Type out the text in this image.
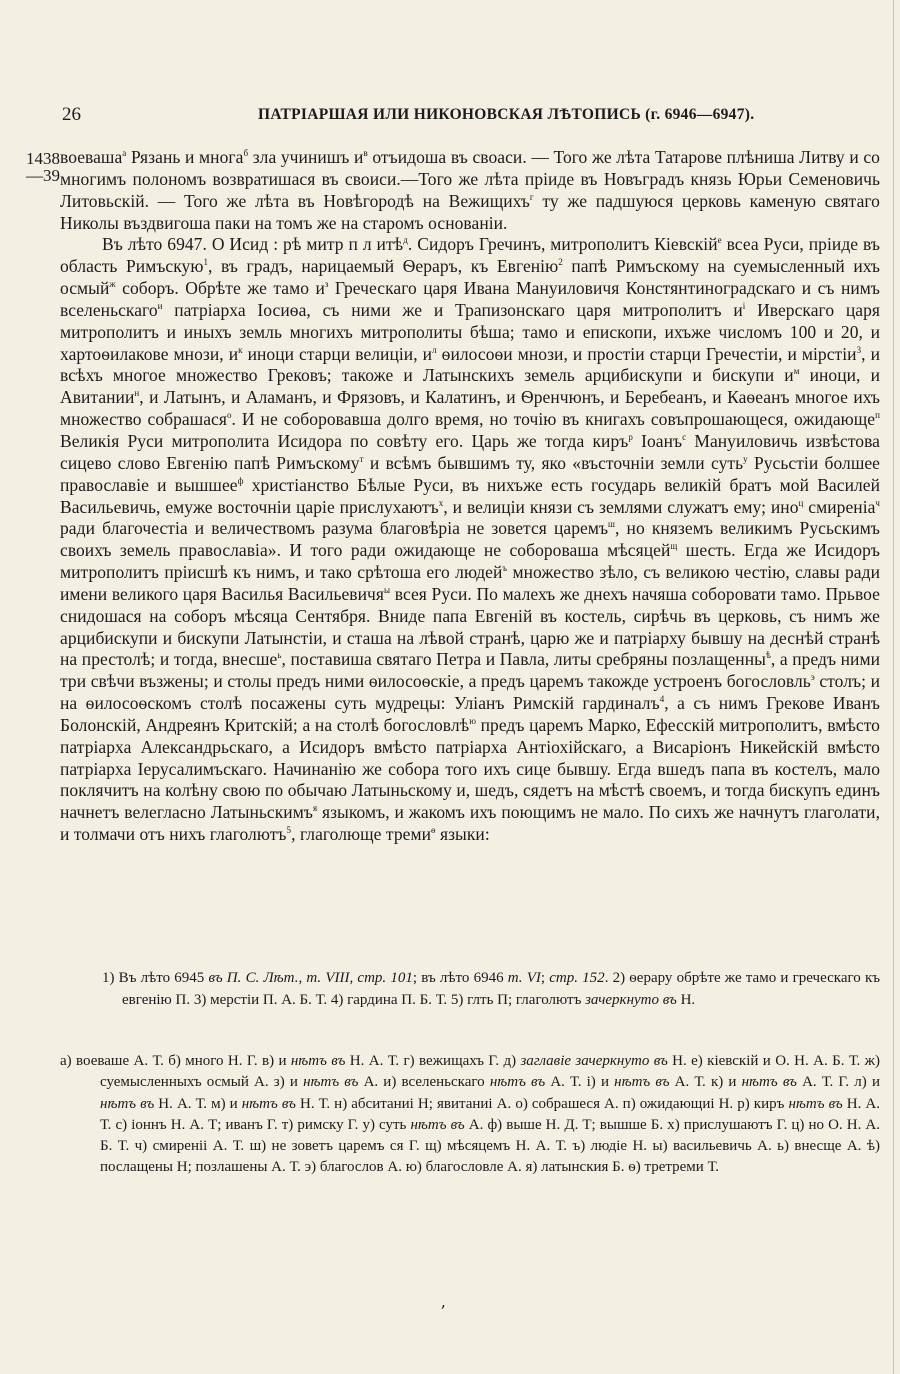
26	ПАТРІАРШАЯ ИЛИ НИКОНОВСКАЯ ЛѢТОПИСЬ (г. 6946—6947).
1438
—39

воеваша$^а$ Рязань и многа$^б$ зла учинишъ $и^в$ отъидоша въ своаси. — Того же лѣта Татарове плѣниша Литву и со многимъ полономъ возвратишася въ своиси.—Того же лѣта пріиде въ Новъградъ князь Юрьи Семеновичь Литовьскій. — Того же лѣта въ Новѣгородѣ на Вежищихъ$^г$ ту же падшуюся церковь каменую святаго Николы въздвигоша паки на томъ же на старомъ основаніи.

Въ лѣто 6947. О Исид : рѣ митр п л итѣ$^д$. Сидоръ Гречинъ, митрополитъ Кіевскій$^е$ всеа Руси, пріиде въ область Римъскую$^1$, въ градъ, нарицаемый Ѳераръ, къ Евгенію$^2$ папѣ Римъскому на суемысленный ихъ осмый$^ж$ соборъ. Обрѣте же тамо $и^з$ Греческаго царя Ивана Мануиловичя Констянтиноградскаго и съ нимъ вселеньскаго$^и$ патріарха Іосиѳа, съ ними же и Трапизонскаго царя митрополитъ $и^і$ Иверскаго царя митрополитъ и иныхъ земль многихъ митрополиты бѣша; тамо и епископи, ихъже числомъ 100 и 20, и хартоѳилакове мнози, $и^к$ иноци старци велицiи, $и^л$ ѳилосоѳи мнози, и простіи старци Гречестiи, и мірстіи$^3$, и всѣхъ многое множество Грековъ; такоже и Латынскихъ земель арцибискупи и бискупи $и^м$ иноци, и Авитании$^н$, и Латынъ, и Аламанъ, и Фрязовъ, и Калатинъ, и Ѳренчюнъ, и Беребеанъ, и Каѳеанъ многое ихъ множество собрашася$^о$. И не соборовавша долго время, но точію въ книгахъ совъпрошающеся, ожидающе$^п$ Великія Руси митрополита Исидора по совѣту его. Царь же тогда киръ$^р$ Іоанъ$^с$ Мануиловичь извѣстова сицево слово Евгенію папѣ Римъскому$^т$ и всѣмъ бывшимъ ту, яко «въсточніи земли суть$^у$ Русьстіи болшее православіе и вышшее$^ф$ христіанство Бѣлые Руси, въ нихъже есть государь великій братъ мой Василей Васильевичь, емуже восточніи царіе прислухаютъ$^х$, и велицiи князи съ землями служатъ ему; ино$^ц$ смиреніа$^ч$ ради благочестіа и величествомъ разума благовѣріа не зовется царемъ$^ш$, но княземъ великимъ Русьскимъ своихъ земель православіа». И того ради ожидающе не собороваша мѣсяцей$^щ$ шесть. Егда же Исидоръ митрополитъ прiисшѣ къ нимъ, и тако срѣтоша его людей$^ъ$ множество зѣло, съ великою честію, славы ради имени великого царя Василья Васильевичя$^ы$ всея Руси. По малехъ же днехъ начяша соборовати тамо. Прьвое снидошася на соборъ мѣсяца Сентября. Вниде папа Евгеній въ костель, сирѣчь въ церковь, съ нимъ же арцибискупи и бискупи Латынстіи, и сташа на лѣвой странѣ, царю же и патріарху бывшу на деснѣй странѣ на престолѣ; и тогда, внесше$^ь$, поставиша святаго Петра и Павла, литы сребряны позлащенны$^ѣ$, а предъ ними три свѣчи възжены; и столы предъ ними ѳилосоѳскіе, а предъ царемъ такожде устроенъ богословль$^э$ столъ; и на ѳилосоѳскомъ столѣ посажены суть мудрецы: Уліанъ Римскій гардиналъ$^4$, а съ нимъ Грекове Иванъ Болонскій, Андреянъ Критскій; а на столѣ богословлѣ$^ю$ предъ царемъ Марко, Ефесскій митрополитъ, вмѣсто патріарха Александрьскаго, а Исидоръ вмѣсто патріарха Антіохійскаго, а Висаріонъ Никейскій вмѣсто патріарха Іерусалимъскаго. Начинанію же собора того ихъ сице бывшу. Егда вшедъ папа въ костелъ, мало поклячитъ на колѣну свою по обычаю Латыньскому и, шедъ, сядетъ на мѣстѣ своемъ, и тогда бискупъ единъ начнетъ велегласно Латыньскимъ$^я$ языкомъ, и жакомъ ихъ поющимъ не мало. По сихъ же начнутъ глаголати, и толмачи отъ нихъ глаголютъ$^5$, глаголюще треми$^ѳ$ языки:

1) Въ лѣто 6945 въ П. С. Лѣт., т. VIII, стр. 101; въ лѣто 6946 т. VI; стр. 152. 2) ѳерару обрѣте же тамо и греческаго къ евгенію П. 3) мерстіи П. А. Б. Т. 4) гардина П. Б. Т. 5) глть П; глаголютъ зачеркнуто въ Н.

а) воеваше А. Т. б) много Н. Г. в) и нѣтъ въ Н. А. Т. г) вежищахъ Г. д) заглавіе зачеркнуто въ Н. е) кіевскій и О. Н. А. Б. Т. ж) суемысленныхъ осмый А. з) и нѣтъ въ А. и) вселеньскаго нѣтъ въ А. Т. і) и нѣтъ въ А. Т. к) и нѣтъ въ А. Т. Г. л) и нѣтъ въ Н. А. Т. м) и нѣтъ въ Н. Т. н) абситаниі Н; явитаниі А. о) собрашеся А. п) ожидающиі Н. р) киръ нѣтъ въ Н. А. Т. с) іоннъ Н. А. Т; иванъ Г. т) римску Г. у) суть нѣтъ въ А. ф) выше Н. Д. Т; вышше Б. х) прислушаютъ Г. ц) но О. Н. А. Б. Т. ч) смиреніі А. Т. ш) не зоветъ царемъ ся Г. щ) мѣсяцемъ Н. А. Т. ъ) людіе Н. ы) васильевичь А. ь) внесще А. ѣ) послащены Н; позлашены А. Т. э) благослов А. ю) благословле А. я) латынския Б. ѳ) третреми Т.

ʼ
